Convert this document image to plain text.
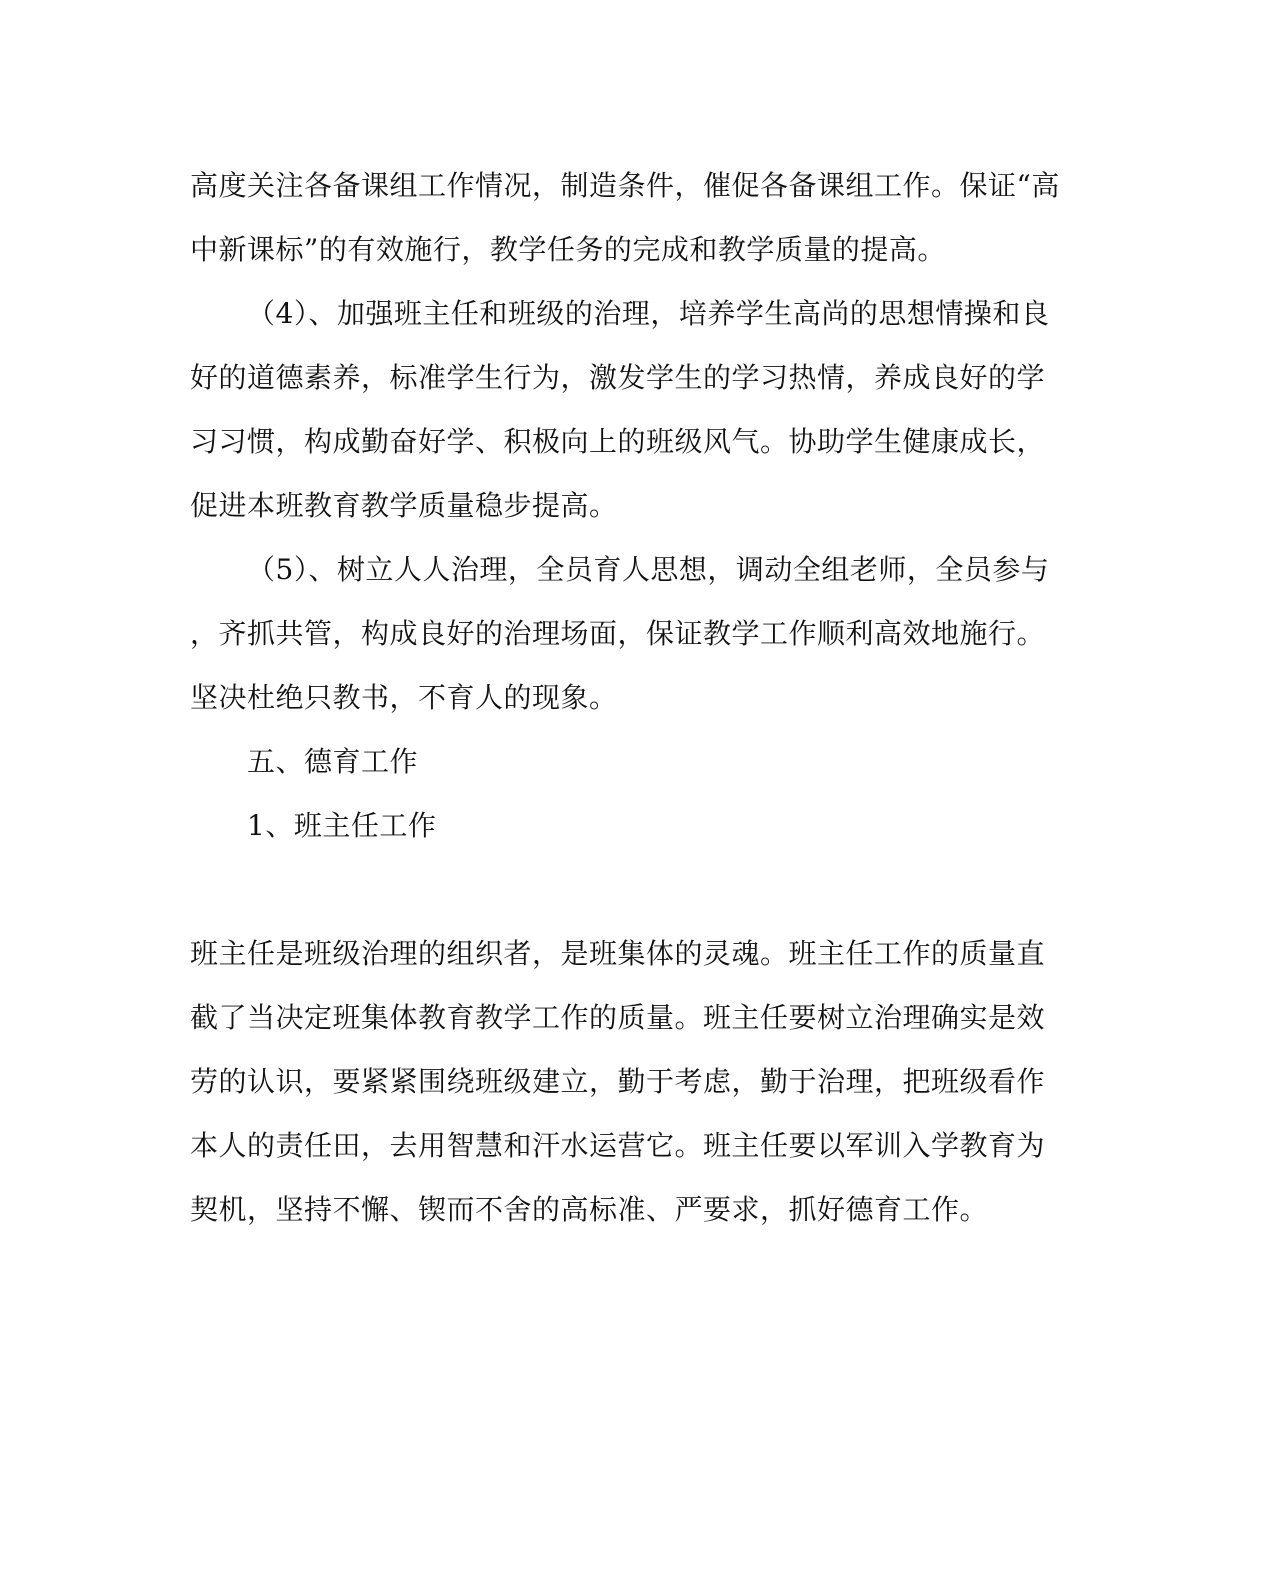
高度关注各备课组工作情况，制造条件，催促各备课组工作。保证“高
中新课标”的有效施行，教学任务的完成和教学质量的提高。
（4）、加强班主任和班级的治理，培养学生高尚的思想情操和良
好的道德素养，标准学生行为，激发学生的学习热情，养成良好的学
习习惯，构成勤奋好学、积极向上的班级风气。协助学生健康成长，
促进本班教育教学质量稳步提高。
（5）、树立人人治理，全员育人思想，调动全组老师，全员参与
，齐抓共管，构成良好的治理场面，保证教学工作顺利高效地施行。
坚决杜绝只教书，不育人的现象。
五、德育工作
1、班主任工作
班主任是班级治理的组织者，是班集体的灵魂。班主任工作的质量直
截了当决定班集体教育教学工作的质量。班主任要树立治理确实是效
劳的认识，要紧紧围绕班级建立，勤于考虑，勤于治理，把班级看作
本人的责任田，去用智慧和汗水运营它。班主任要以军训入学教育为
契机，坚持不懈、锲而不舍的高标准、严要求，抓好德育工作。
